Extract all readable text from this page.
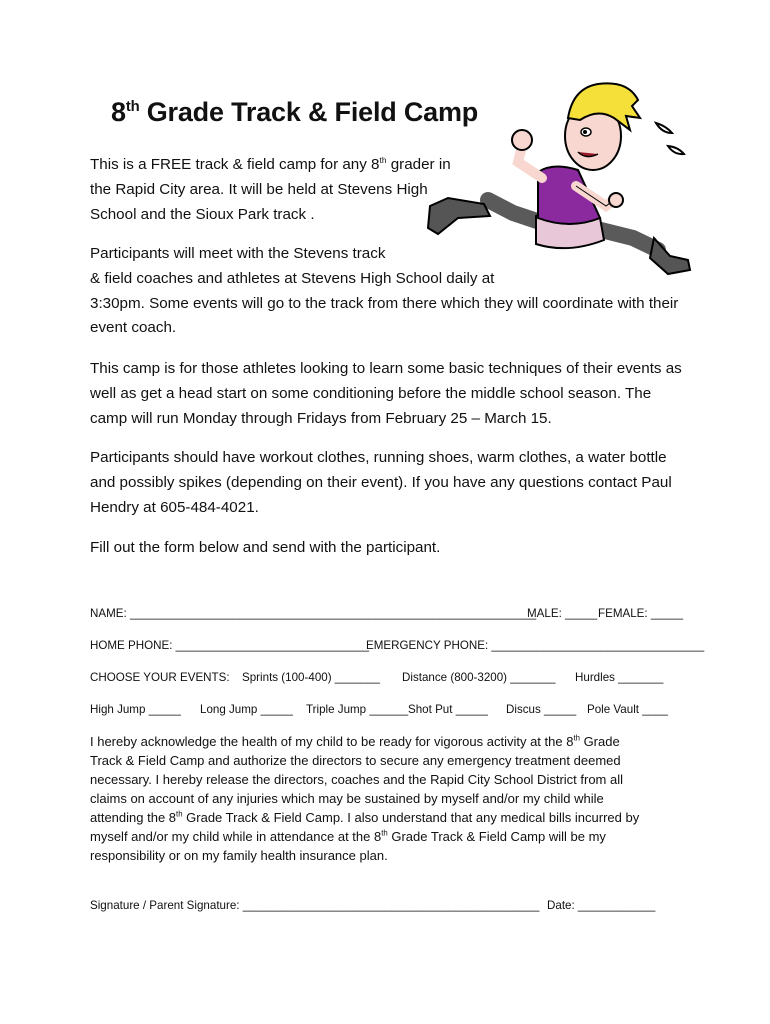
8th Grade Track & Field Camp

This is a FREE track & field camp for any 8th grader in the Rapid City area. It will be held at Stevens High School and the Sioux Park track .

Participants will meet with the Stevens track
& field coaches and athletes at Stevens High School daily at
3:30pm. Some events will go to the track from there which they will coordinate with their event coach.

This camp is for those athletes looking to learn some basic techniques of their events as well as get a head start on some conditioning before the middle school season. The camp will run Monday through Fridays from February 25 – March 15.

Participants should have workout clothes, running shoes, warm clothes, a water bottle and possibly spikes (depending on their event). If you have any questions contact Paul Hendry at 605-484-4021.

Fill out the form below and send with the participant.

NAME: _______________________________________________________________
MALE: _____ FEMALE: _____
HOME PHONE: ______________________________
EMERGENCY PHONE: _________________________________
CHOOSE YOUR EVENTS: Sprints (100-400) _______ Distance (800-3200) _______ Hurdles _______
High Jump _____ Long Jump _____ Triple Jump ______ Shot Put _____ Discus _____ Pole Vault ____

I hereby acknowledge the health of my child to be ready for vigorous activity at the 8th Grade
Track & Field Camp and authorize the directors to secure any emergency treatment deemed
necessary. I hereby release the directors, coaches and the Rapid City School District from all
claims on account of any injuries which may be sustained by myself and/or my child while
attending the 8th Grade Track & Field Camp. I also understand that any medical bills incurred by
myself and/or my child while in attendance at the 8th Grade Track & Field Camp will be my
responsibility or on my family health insurance plan.

Signature / Parent Signature: ______________________________________________ Date: ____________
